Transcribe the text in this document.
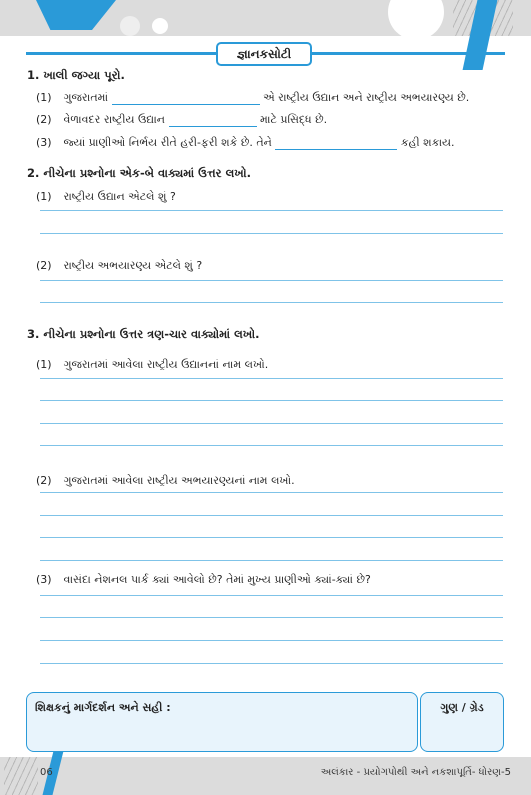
જ્ઞાનકસોટી
1. ખાલી જગ્યા પૂરો.
(1) ગુજરાતમાં	એ રાષ્ટ્રીય ઉદ્યાન અને રાષ્ટ્રીય અભયારણ્ય છે.
(2) વેળાવદર રાષ્ટ્રીય ઉદ્યાન	માટે પ્રસિદ્ધ છે.
(3) જ્યાં પ્રાણીઓ નિર્ભય રીતે હરી-ફરી શકે છે. તેને	કહી શકાય.
2. નીચેના પ્રશ્નોના એક-બે વાક્યમાં ઉત્તર લખો.
(1) રાષ્ટ્રીય ઉદ્યાન એટલે શું ?
(2) રાષ્ટ્રીય અભયારણ્ય એટલે શું ?
3. નીચેના પ્રશ્નોના ઉત્તર ત્રણ-ચાર વાક્યોમાં લખો.
(1) ગુજરાતમાં આવેલા રાષ્ટ્રીય ઉદ્યાનનાં નામ લખો.
(2) ગુજરાતમાં આવેલા રાષ્ટ્રીય અભયારણ્યનાં નામ લખો.
(3) વાસંદા નેશનલ પાર્ક ક્યાં આવેલો છે? તેમાં મુખ્ય પ્રાણીઓ ક્યાં-ક્યાં છે?
શિક્ષકનું માર્ગદર્શન અને સહી :	ગુણ / ગ્રેડ
06	અલંકાર - પ્રયોગપોથી અને નકશાપૂર્તિ- ધોરણ-5
